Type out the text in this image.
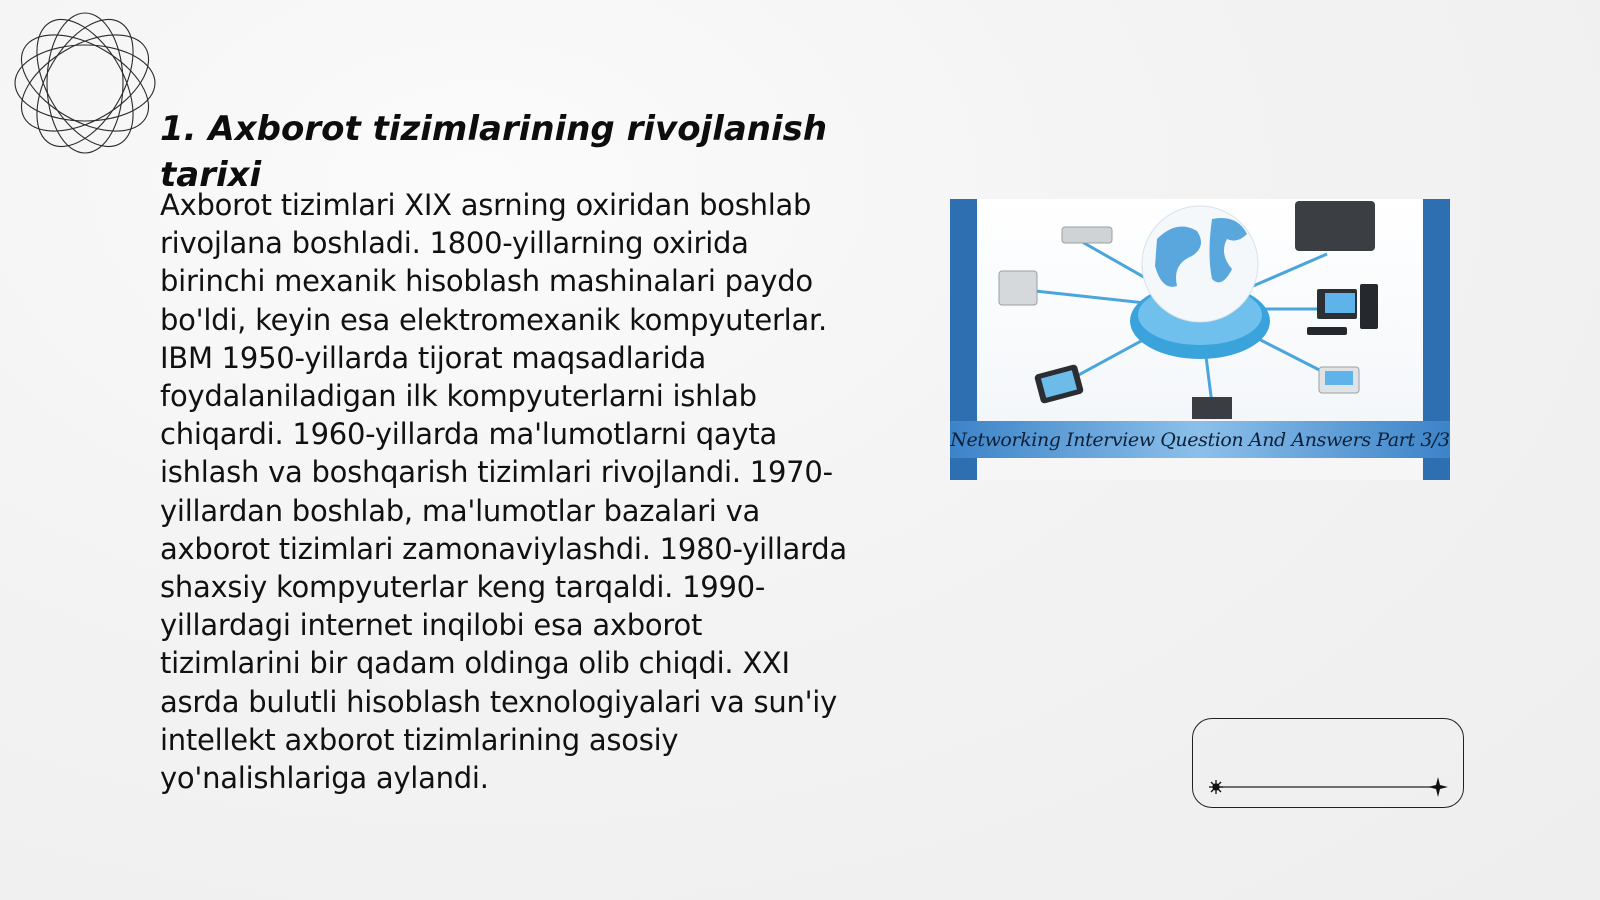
1. Axborot tizimlarining rivojlanish tarixi

Axborot tizimlari XIX asrning oxiridan boshlab rivojlana boshladi. 1800-yillarning oxirida birinchi mexanik hisoblash mashinalari paydo bo'ldi, keyin esa elektromexanik kompyuterlar. IBM 1950-yillarda tijorat maqsadlarida foydalaniladigan ilk kompyuterlarni ishlab chiqardi. 1960-yillarda ma'lumotlarni qayta ishlash va boshqarish tizimlari rivojlandi. 1970-yillardan boshlab, ma'lumotlar bazalari va axborot tizimlari zamonaviylashdi. 1980-yillarda shaxsiy kompyuterlar keng tarqaldi. 1990-yillardagi internet inqilobi esa axborot tizimlarini bir qadam oldinga olib chiqdi. XXI asrda bulutli hisoblash texnologiyalari va sun'iy intellekt axborot tizimlarining asosiy yo'nalishlariga aylandi.

Networking Interview Question And Answers Part 3/3
